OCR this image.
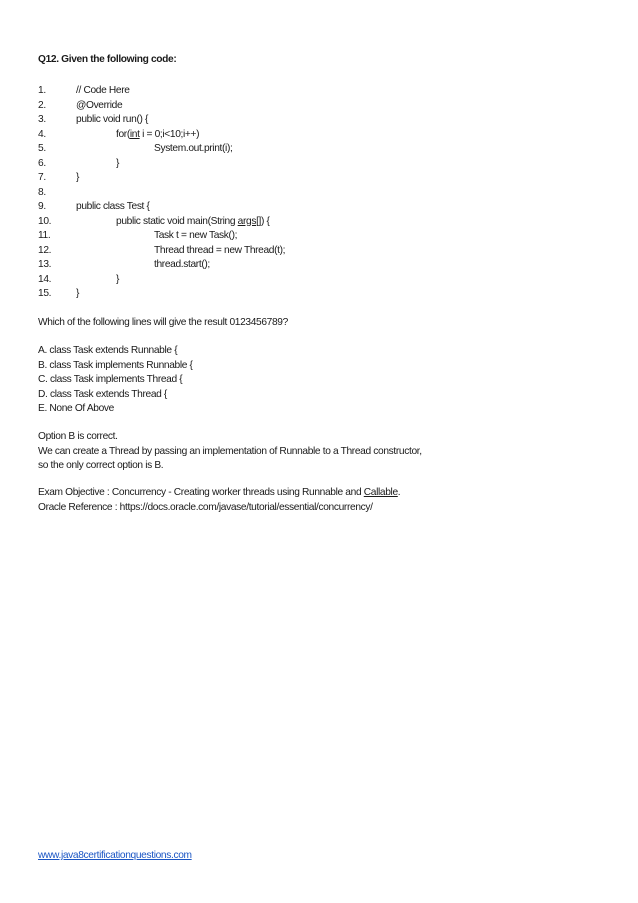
Q12. Given the following code:
1.	// Code Here
2.	@Override
3.	public void run() {
4.	for(int i = 0;i<10;i++)
5.	System.out.print(i);
6.	}
7.	}
8.
9.	public class Test {
10.	public static void main(String args[]) {
11.	Task t = new Task();
12.	Thread thread = new Thread(t);
13.	thread.start();
14.	}
15. }
Which of the following lines will give the result 0123456789?
A. class Task extends Runnable {
B. class Task implements Runnable {
C. class Task implements Thread {
D. class Task extends Thread {
E. None Of Above
Option B is correct.
We can create a Thread by passing an implementation of Runnable to a Thread constructor,
so the only correct option is B.
Exam Objective : Concurrency - Creating worker threads using Runnable and Callable.
Oracle Reference : https://docs.oracle.com/javase/tutorial/essential/concurrency/
www.java8certificationquestions.com
